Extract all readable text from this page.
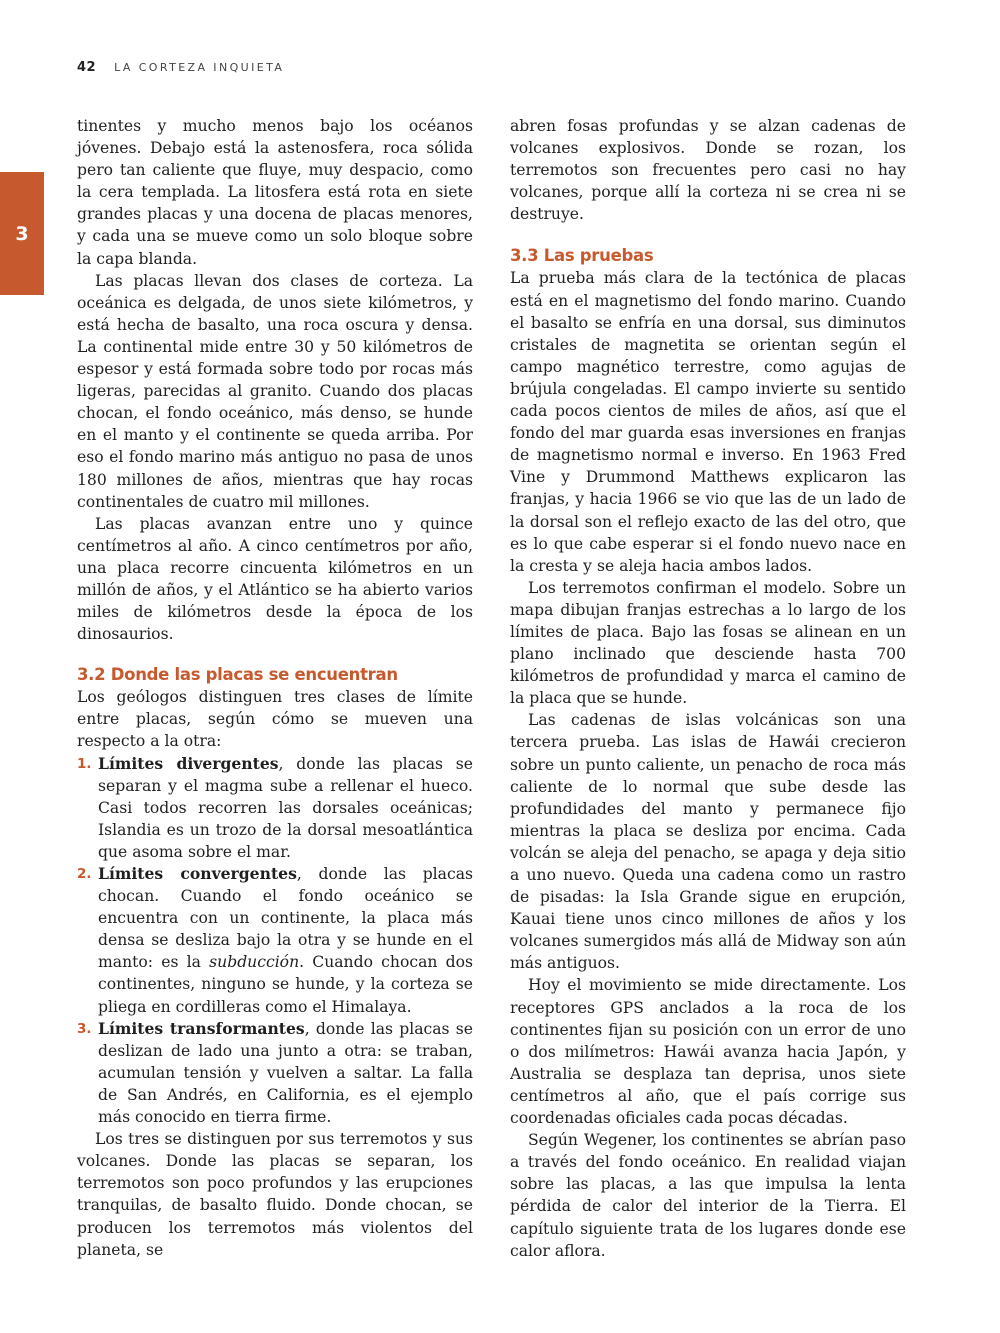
42 LA CORTEZA INQUIETA
3

tinentes y mucho menos bajo los océanos jóvenes. Debajo está la astenosfera, roca sólida pero tan caliente que fluye, muy despacio, como la cera templada. La litosfera está rota en siete grandes placas y una docena de placas menores, y cada una se mueve como un solo bloque sobre la capa blanda.

Las placas llevan dos clases de corteza. La oceánica es delgada, de unos siete kilómetros, y está hecha de basalto, una roca oscura y densa. La continental mide entre 30 y 50 kilómetros de espesor y está formada sobre todo por rocas más ligeras, parecidas al granito. Cuando dos placas chocan, el fondo oceánico, más denso, se hunde en el manto y el continente se queda arriba. Por eso el fondo marino más antiguo no pasa de unos 180 millones de años, mientras que hay rocas continentales de cuatro mil millones.

Las placas avanzan entre uno y quince centímetros al año. A cinco centímetros por año, una placa recorre cincuenta kilómetros en un millón de años, y el Atlántico se ha abierto varios miles de kilómetros desde la época de los dinosaurios.

3.2 Donde las placas se encuentran

Los geólogos distinguen tres clases de límite entre placas, según cómo se mueven una respecto a la otra:

1. Límites divergentes, donde las placas se separan y el magma sube a rellenar el hueco. Casi todos recorren las dorsales oceánicas; Islandia es un trozo de la dorsal mesoatlántica que asoma sobre el mar.
2. Límites convergentes, donde las placas chocan. Cuando el fondo oceánico se encuentra con un continente, la placa más densa se desliza bajo la otra y se hunde en el manto: es la subducción. Cuando chocan dos continentes, ninguno se hunde, y la corteza se pliega en cordilleras como el Himalaya.
3. Límites transformantes, donde las placas se deslizan de lado una junto a otra: se traban, acumulan tensión y vuelven a saltar. La falla de San Andrés, en California, es el ejemplo más conocido en tierra firme.

Los tres se distinguen por sus terremotos y sus volcanes. Donde las placas se separan, los terremotos son poco profundos y las erupciones tranquilas, de basalto fluido. Donde chocan, se producen los terremotos más violentos del planeta, se

abren fosas profundas y se alzan cadenas de volcanes explosivos. Donde se rozan, los terremotos son frecuentes pero casi no hay volcanes, porque allí la corteza ni se crea ni se destruye.

3.3 Las pruebas

La prueba más clara de la tectónica de placas está en el magnetismo del fondo marino. Cuando el basalto se enfría en una dorsal, sus diminutos cristales de magnetita se orientan según el campo magnético terrestre, como agujas de brújula congeladas. El campo invierte su sentido cada pocos cientos de miles de años, así que el fondo del mar guarda esas inversiones en franjas de magnetismo normal e inverso. En 1963 Fred Vine y Drummond Matthews explicaron las franjas, y hacia 1966 se vio que las de un lado de la dorsal son el reflejo exacto de las del otro, que es lo que cabe esperar si el fondo nuevo nace en la cresta y se aleja hacia ambos lados.

Los terremotos confirman el modelo. Sobre un mapa dibujan franjas estrechas a lo largo de los límites de placa. Bajo las fosas se alinean en un plano inclinado que desciende hasta 700 kilómetros de profundidad y marca el camino de la placa que se hunde.

Las cadenas de islas volcánicas son una tercera prueba. Las islas de Hawái crecieron sobre un punto caliente, un penacho de roca más caliente de lo normal que sube desde las profundidades del manto y permanece fijo mientras la placa se desliza por encima. Cada volcán se aleja del penacho, se apaga y deja sitio a uno nuevo. Queda una cadena como un rastro de pisadas: la Isla Grande sigue en erupción, Kauai tiene unos cinco millones de años y los volcanes sumergidos más allá de Midway son aún más antiguos.

Hoy el movimiento se mide directamente. Los receptores GPS anclados a la roca de los continentes fijan su posición con un error de uno o dos milímetros: Hawái avanza hacia Japón, y Australia se desplaza tan deprisa, unos siete centímetros al año, que el país corrige sus coordenadas oficiales cada pocas décadas.

Según Wegener, los continentes se abrían paso a través del fondo oceánico. En realidad viajan sobre las placas, a las que impulsa la lenta pérdida de calor del interior de la Tierra. El capítulo siguiente trata de los lugares donde ese calor aflora.
